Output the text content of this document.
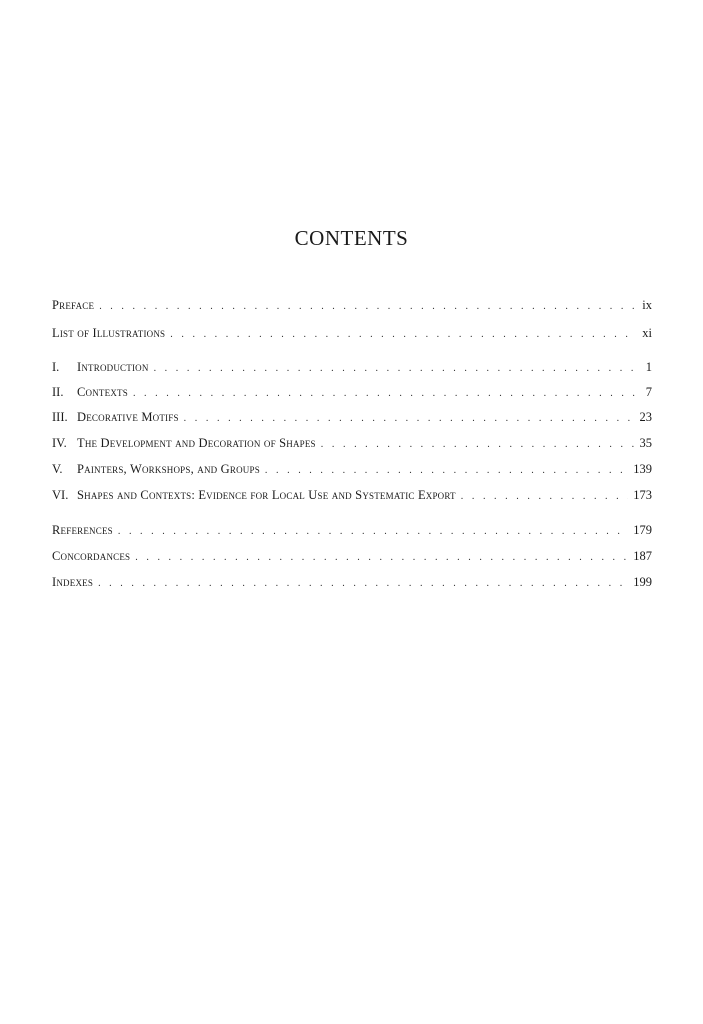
CONTENTS
Preface . . .	ix
List of Illustrations . . .	xi
I.	Introduction . . .	1
II.	Contexts . . .	7
III. Decorative Motifs . . .	23
IV. The Development and Decoration of Shapes . . .	35
V.	Painters, Workshops, and Groups . . .	139
VI. Shapes and Contexts: Evidence for Local Use and Systematic Export . . .	173
References . . .	179
Concordances . . .	187
Indexes . . .	199
